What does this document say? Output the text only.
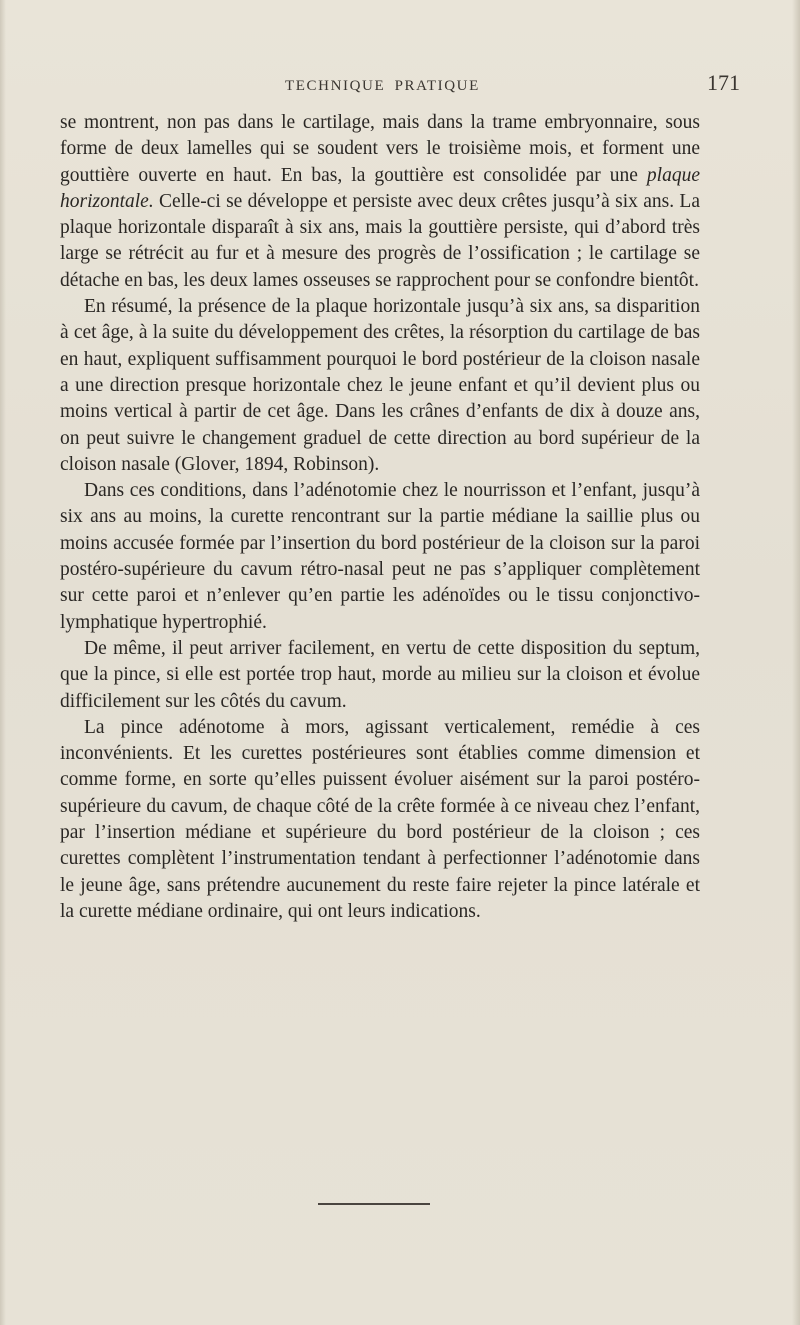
TECHNIQUE PRATIQUE	171

se montrent, non pas dans le cartilage, mais dans la trame embryonnaire, sous forme de deux lamelles qui se soudent vers le troisième mois, et forment une gouttière ouverte en haut. En bas, la gouttière est consolidée par une plaque horizontale. Celle-ci se développe et persiste avec deux crêtes jusqu’à six ans. La plaque horizontale disparaît à six ans, mais la gouttière persiste, qui d’abord très large se rétrécit au fur et à mesure des progrès de l’ossification ; le cartilage se détache en bas, les deux lames osseuses se rapprochent pour se confondre bientôt.

En résumé, la présence de la plaque horizontale jusqu’à six ans, sa disparition à cet âge, à la suite du développement des crêtes, la résorption du cartilage de bas en haut, expliquent suffisamment pourquoi le bord postérieur de la cloison nasale a une direction presque horizontale chez le jeune enfant et qu’il devient plus ou moins vertical à partir de cet âge. Dans les crânes d’enfants de dix à douze ans, on peut suivre le changement graduel de cette direction au bord supérieur de la cloison nasale (Glover, 1894, Robinson).

Dans ces conditions, dans l’adénotomie chez le nourrisson et l’enfant, jusqu’à six ans au moins, la curette rencontrant sur la partie médiane la saillie plus ou moins accusée formée par l’insertion du bord postérieur de la cloison sur la paroi postéro-supérieure du cavum rétro-nasal peut ne pas s’appliquer complètement sur cette paroi et n’enlever qu’en partie les adénoïdes ou le tissu conjonctivo-lymphatique hypertrophié.

De même, il peut arriver facilement, en vertu de cette disposition du septum, que la pince, si elle est portée trop haut, morde au milieu sur la cloison et évolue difficilement sur les côtés du cavum.

La pince adénotome à mors, agissant verticalement, remédie à ces inconvénients. Et les curettes postérieures sont établies comme dimension et comme forme, en sorte qu’elles puissent évoluer aisément sur la paroi postéro-supérieure du cavum, de chaque côté de la crête formée à ce niveau chez l’enfant, par l’insertion médiane et supérieure du bord postérieur de la cloison ; ces curettes complètent l’instrumentation tendant à perfectionner l’adénotomie dans le jeune âge, sans prétendre aucunement du reste faire rejeter la pince latérale et la curette médiane ordinaire, qui ont leurs indications.
